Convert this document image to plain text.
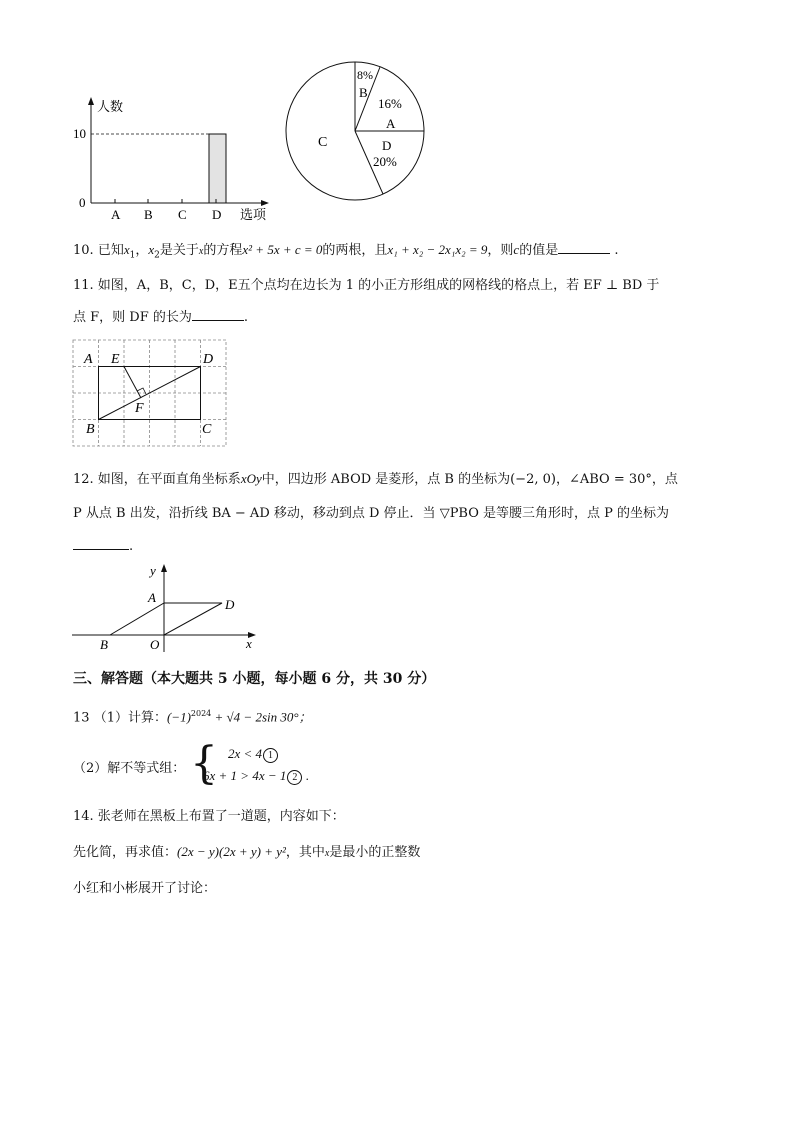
人数
10
0
A B C D 选项
8%
B
16%
A
D
20%
C
10. 已知$x_1$，$x_2$是关于x的方程x² + 5x + c = 0的两根，且x₁ + x₂ − 2x₁x₂ = 9，则c的值是	.
11. 如图，A，B，C，D，E五个点均在边长为 1 的小正方形组成的网格线的格点上，若 EF ⊥ BD 于
点 F，则 DF 的长为	.
A E	D
F
B	C
12. 如图，在平面直角坐标系xOy中，四边形 ABOD 是菱形，点 B 的坐标为(−2, 0)，∠ABO = 30°，点
P 从点 B 出发，沿折线 BA − AD 移动，移动到点 D 停止．当 ▽PBO 是等腰三角形时，点 P 的坐标为
.
y
x
A	D
B	O
三、解答题（本大题共 5 小题，每小题 6 分，共 30 分）
13 （1）计算：$(-1)^{2024} + √4 - 2\sin$ 30°；
（2）解不等式组： { 2x < 4 1
6x + 1 > 4x − 1 2 .
14. 张老师在黑板上布置了一道题，内容如下：
先化简，再求值：(2x − y)(2x + y) + y²，其中x是最小的正整数
小红和小彬展开了讨论：
